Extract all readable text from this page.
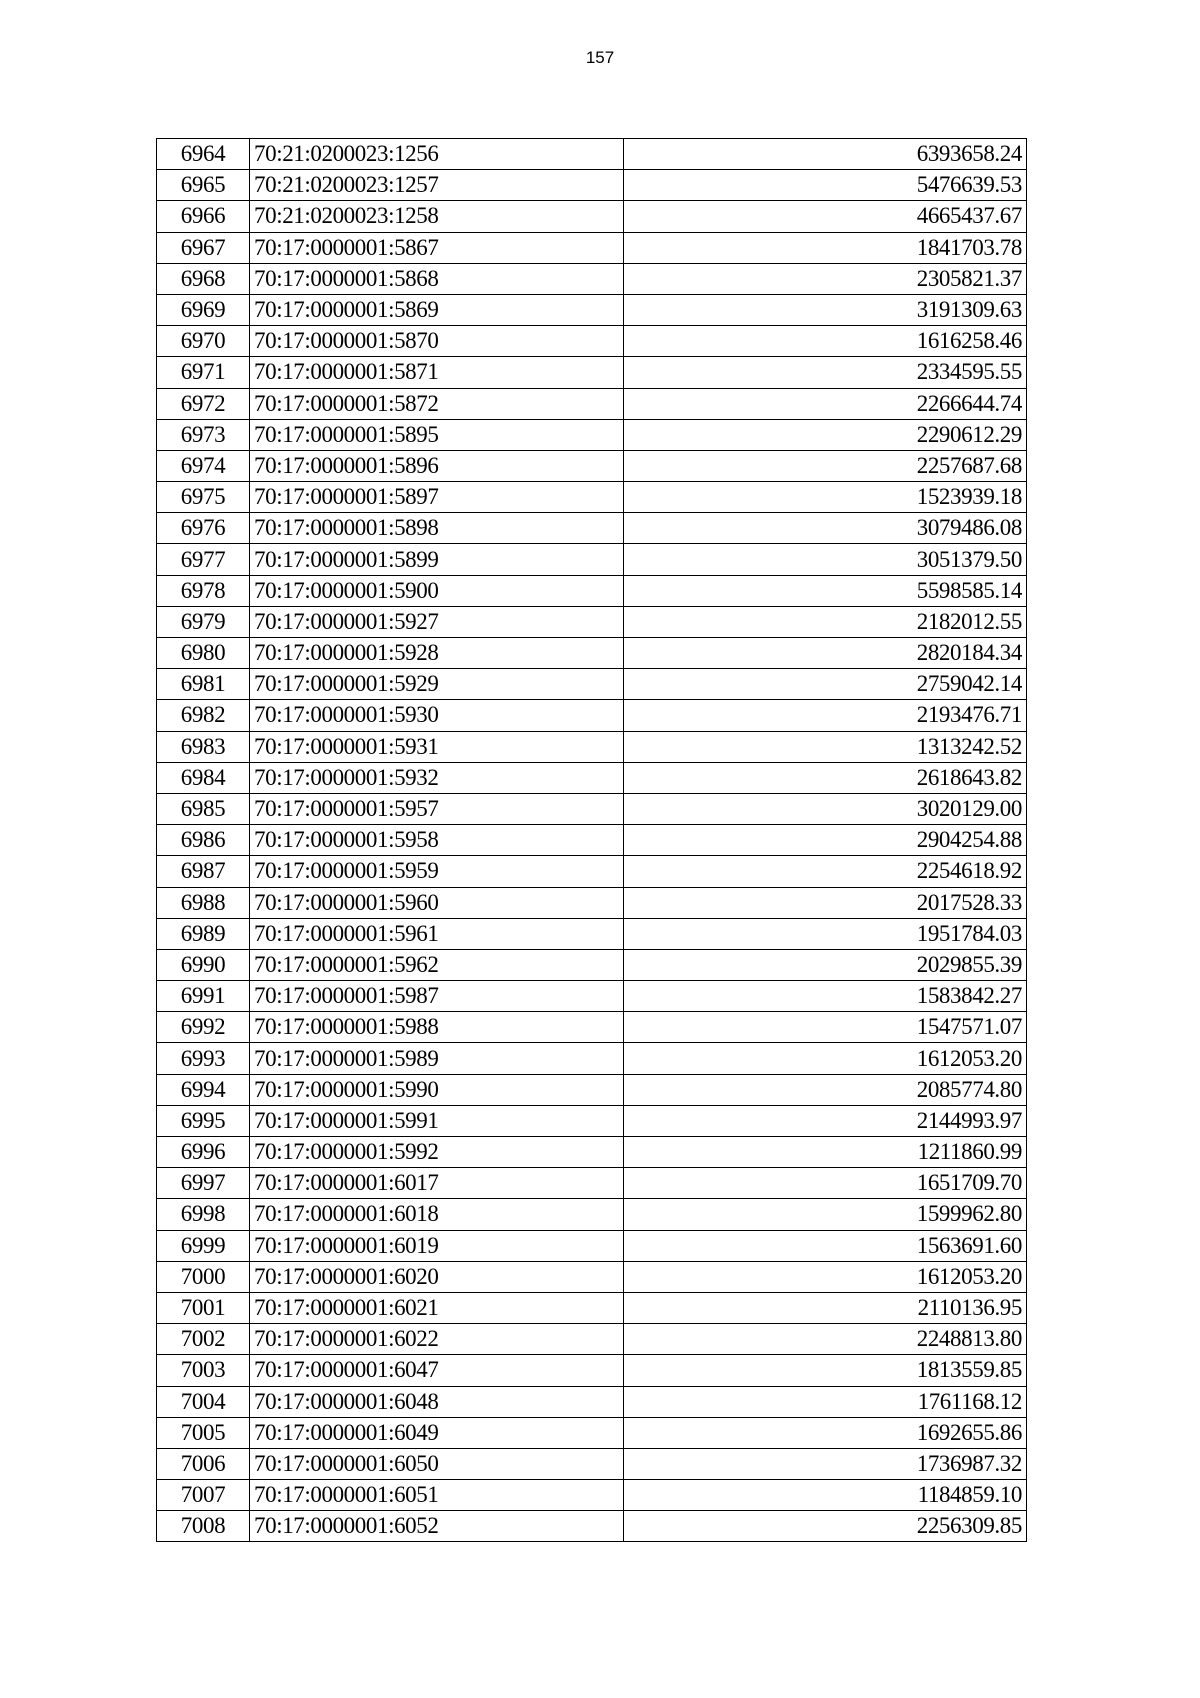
157
6964	70:21:0200023:1256	6393658.24
6965	70:21:0200023:1257	5476639.53
6966	70:21:0200023:1258	4665437.67
6967	70:17:0000001:5867	1841703.78
6968	70:17:0000001:5868	2305821.37
6969	70:17:0000001:5869	3191309.63
6970	70:17:0000001:5870	1616258.46
6971	70:17:0000001:5871	2334595.55
6972	70:17:0000001:5872	2266644.74
6973	70:17:0000001:5895	2290612.29
6974	70:17:0000001:5896	2257687.68
6975	70:17:0000001:5897	1523939.18
6976	70:17:0000001:5898	3079486.08
6977	70:17:0000001:5899	3051379.50
6978	70:17:0000001:5900	5598585.14
6979	70:17:0000001:5927	2182012.55
6980	70:17:0000001:5928	2820184.34
6981	70:17:0000001:5929	2759042.14
6982	70:17:0000001:5930	2193476.71
6983	70:17:0000001:5931	1313242.52
6984	70:17:0000001:5932	2618643.82
6985	70:17:0000001:5957	3020129.00
6986	70:17:0000001:5958	2904254.88
6987	70:17:0000001:5959	2254618.92
6988	70:17:0000001:5960	2017528.33
6989	70:17:0000001:5961	1951784.03
6990	70:17:0000001:5962	2029855.39
6991	70:17:0000001:5987	1583842.27
6992	70:17:0000001:5988	1547571.07
6993	70:17:0000001:5989	1612053.20
6994	70:17:0000001:5990	2085774.80
6995	70:17:0000001:5991	2144993.97
6996	70:17:0000001:5992	1211860.99
6997	70:17:0000001:6017	1651709.70
6998	70:17:0000001:6018	1599962.80
6999	70:17:0000001:6019	1563691.60
7000	70:17:0000001:6020	1612053.20
7001	70:17:0000001:6021	2110136.95
7002	70:17:0000001:6022	2248813.80
7003	70:17:0000001:6047	1813559.85
7004	70:17:0000001:6048	1761168.12
7005	70:17:0000001:6049	1692655.86
7006	70:17:0000001:6050	1736987.32
7007	70:17:0000001:6051	1184859.10
7008	70:17:0000001:6052	2256309.85
